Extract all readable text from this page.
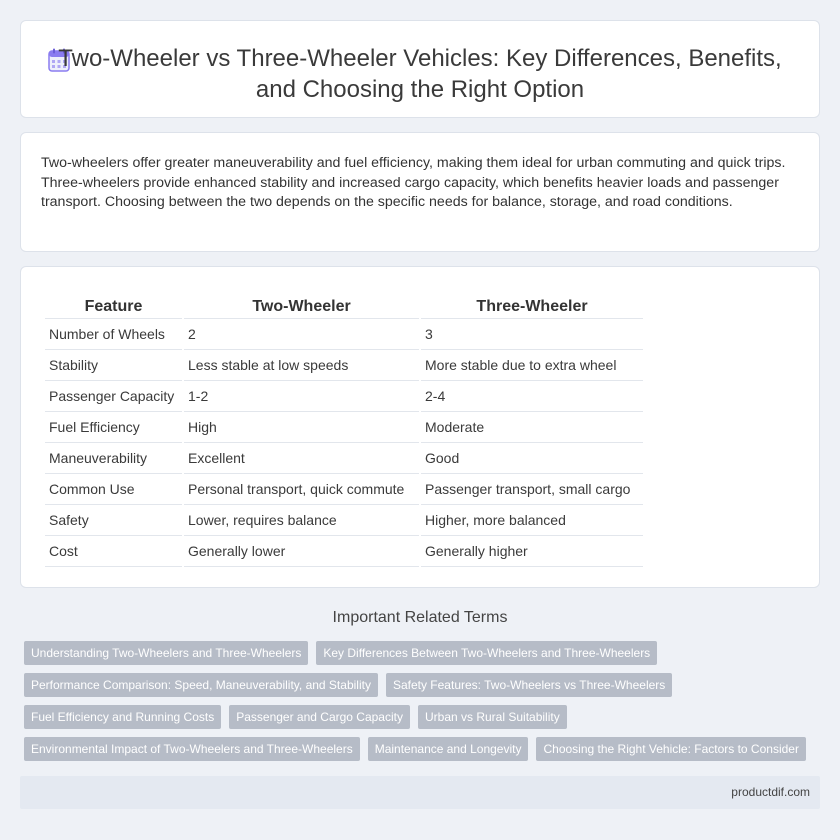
Two-Wheeler vs Three-Wheeler Vehicles: Key Differences, Benefits, and Choosing the Right Option

Two-wheelers offer greater maneuverability and fuel efficiency, making them ideal for urban commuting and quick trips. Three-wheelers provide enhanced stability and increased cargo capacity, which benefits heavier loads and passenger transport. Choosing between the two depends on the specific needs for balance, storage, and road conditions.

Feature	Two-Wheeler	Three-Wheeler
Number of Wheels	2	3
Stability	Less stable at low speeds	More stable due to extra wheel
Passenger Capacity	1-2	2-4
Fuel Efficiency	High	Moderate
Maneuverability	Excellent	Good
Common Use	Personal transport, quick commute	Passenger transport, small cargo
Safety	Lower, requires balance	Higher, more balanced
Cost	Generally lower	Generally higher
Important Related Terms
Understanding Two-Wheelers and Three-Wheelers	Key Differences Between Two-Wheelers and Three-Wheelers
Performance Comparison: Speed, Maneuverability, and Stability	Safety Features: Two-Wheelers vs Three-Wheelers
Fuel Efficiency and Running Costs	Passenger and Cargo Capacity	Urban vs Rural Suitability
Environmental Impact of Two-Wheelers and Three-Wheelers	Maintenance and Longevity	Choosing the Right Vehicle: Factors to Consider
productdif.com
